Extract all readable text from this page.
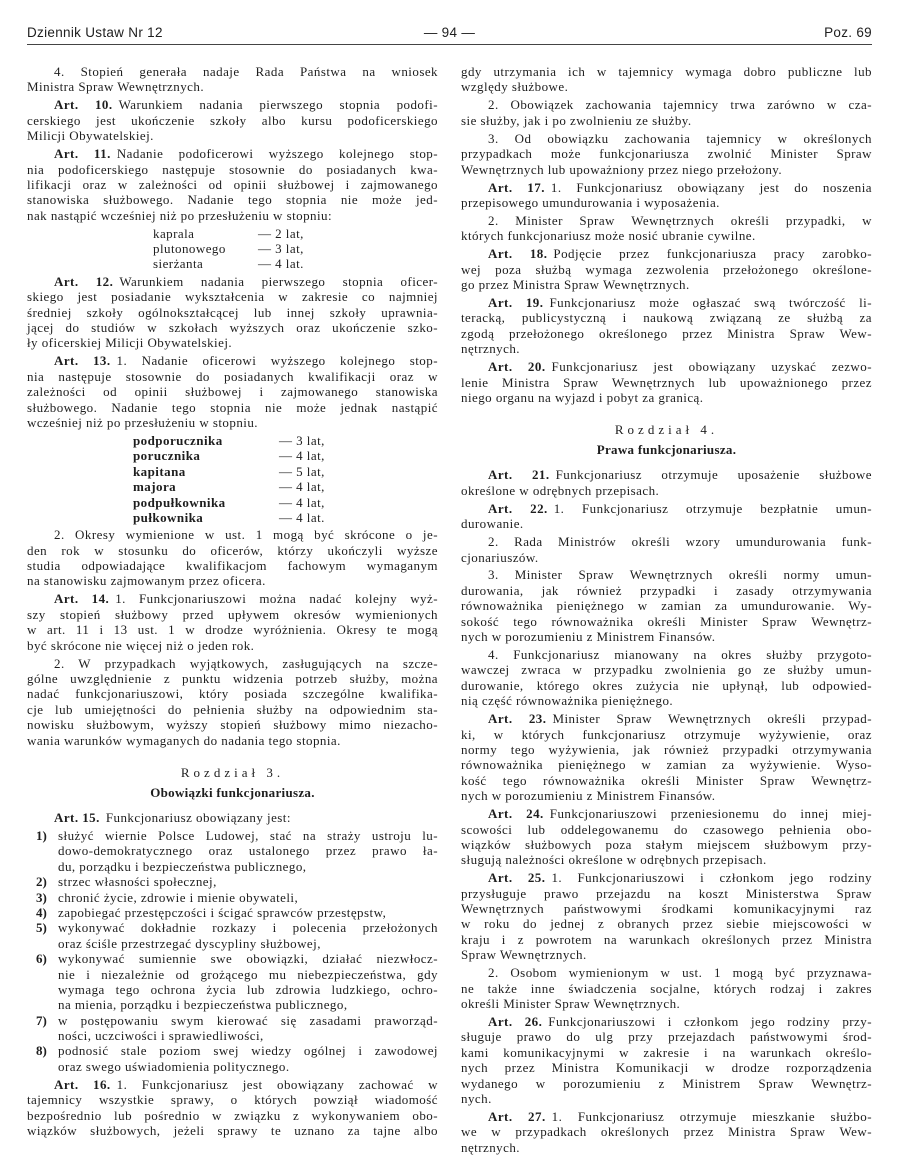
Dziennik Ustaw Nr 12	— 94 —	Poz. 69
4. Stopień generała nadaje Rada Państwa na wniosek
Ministra Spraw Wewnętrznych.
Art. 10. Warunkiem nadania pierwszego stopnia podofi-
cerskiego jest ukończenie szkoły albo kursu podoficerskiego
Milicji Obywatelskiej.
Art. 11. Nadanie podoficerowi wyższego kolejnego stop-
nia podoficerskiego następuje stosownie do posiadanych kwa-
lifikacji oraz w zależności od opinii służbowej i zajmowanego
stanowiska służbowego. Nadanie tego stopnia nie może jed-
nak nastąpić wcześniej niż po przesłużeniu w stopniu:
kaprala	— 2 lat,
plutonowego — 3 lat,
sierżanta	— 4 lat.
Art. 12. Warunkiem nadania pierwszego stopnia oficer-
skiego jest posiadanie wykształcenia w zakresie co najmniej
średniej szkoły ogólnokształcącej lub innej szkoły uprawnia-
jącej do studiów w szkołach wyższych oraz ukończenie szko-
ły oficerskiej Milicji Obywatelskiej.
Art. 13. 1. Nadanie oficerowi wyższego kolejnego stop-
nia następuje stosownie do posiadanych kwalifikacji oraz w
zależności od opinii służbowej i zajmowanego stanowiska
służbowego. Nadanie tego stopnia nie może jednak nastąpić
wcześniej niż po przesłużeniu w stopniu.
podporucznika	— 3 lat,
porucznika	— 4 lat,
kapitana	— 5 lat,
majora	— 4 lat,
podpułkownika	— 4 lat,
pułkownika	— 4 lat.
2. Okresy wymienione w ust. 1 mogą być skrócone o je-
den rok w stosunku do oficerów, którzy ukończyli wyższe
studia odpowiadające kwalifikacjom fachowym wymaganym
na stanowisku zajmowanym przez oficera.
Art. 14. 1. Funkcjonariuszowi można nadać kolejny wyż-
szy stopień służbowy przed upływem okresów wymienionych
w art. 11 i 13 ust. 1 w drodze wyróżnienia. Okresy te mogą
być skrócone nie więcej niż o jeden rok.
2. W przypadkach wyjątkowych, zasługujących na szcze-
gólne uwzględnienie z punktu widzenia potrzeb służby, można
nadać funkcjonariuszowi, który posiada szczególne kwalifika-
cje lub umiejętności do pełnienia służby na odpowiednim sta-
nowisku służbowym, wyższy stopień służbowy mimo niezacho-
wania warunków wymaganych do nadania tego stopnia.
Rozdział 3.
Obowiązki funkcjonariusza.
Art. 15. Funkcjonariusz obowiązany jest:
1) służyć wiernie Polsce Ludowej, stać na straży ustroju lu-
dowo-demokratycznego oraz ustalonego przez prawo ła-
du, porządku i bezpieczeństwa publicznego,
2) strzec własności społecznej,
3) chronić życie, zdrowie i mienie obywateli,
4) zapobiegać przestępczości i ścigać sprawców przestępstw,
5) wykonywać dokładnie rozkazy i polecenia przełożonych
oraz ściśle przestrzegać dyscypliny służbowej,
6) wykonywać sumiennie swe obowiązki, działać niezwłocz-
nie i niezależnie od grożącego mu niebezpieczeństwa, gdy
wymaga tego ochrona życia lub zdrowia ludzkiego, ochro-
na mienia, porządku i bezpieczeństwa publicznego,
7) w postępowaniu swym kierować się zasadami praworząd-
ności, uczciwości i sprawiedliwości,
8) podnosić stale poziom swej wiedzy ogólnej i zawodowej
oraz swego uświadomienia politycznego.
Art. 16. 1. Funkcjonariusz jest obowiązany zachować w
tajemnicy wszystkie sprawy, o których powziął wiadomość
bezpośrednio lub pośrednio w związku z wykonywaniem obo-
wiązków służbowych, jeżeli sprawy te uznano za tajne albo
gdy utrzymania ich w tajemnicy wymaga dobro publiczne lub
względy służbowe.
2. Obowiązek zachowania tajemnicy trwa zarówno w cza-
sie służby, jak i po zwolnieniu ze służby.
3. Od obowiązku zachowania tajemnicy w określonych
przypadkach może funkcjonariusza zwolnić Minister Spraw
Wewnętrznych lub upoważniony przez niego przełożony.
Art. 17. 1. Funkcjonariusz obowiązany jest do noszenia
przepisowego umundurowania i wyposażenia.
2. Minister Spraw Wewnętrznych określi przypadki, w
których funkcjonariusz może nosić ubranie cywilne.
Art. 18. Podjęcie przez funkcjonariusza pracy zarobko-
wej poza służbą wymaga zezwolenia przełożonego określone-
go przez Ministra Spraw Wewnętrznych.
Art. 19. Funkcjonariusz może ogłaszać swą twórczość li-
teracką, publicystyczną i naukową związaną ze służbą za
zgodą przełożonego określonego przez Ministra Spraw Wew-
nętrznych.
Art. 20. Funkcjonariusz jest obowiązany uzyskać zezwo-
lenie Ministra Spraw Wewnętrznych lub upoważnionego przez
niego organu na wyjazd i pobyt za granicą.
Rozdział 4.
Prawa funkcjonariusza.
Art. 21. Funkcjonariusz otrzymuje uposażenie służbowe
określone w odrębnych przepisach.
Art. 22. 1. Funkcjonariusz otrzymuje bezpłatnie umun-
durowanie.
2. Rada Ministrów określi wzory umundurowania funk-
cjonariuszów.
3. Minister Spraw Wewnętrznych określi normy umun-
durowania, jak również przypadki i zasady otrzymywania
równoważnika pieniężnego w zamian za umundurowanie. Wy-
sokość tego równoważnika określi Minister Spraw Wewnętrz-
nych w porozumieniu z Ministrem Finansów.
4. Funkcjonariusz mianowany na okres służby przygoto-
wawczej zwraca w przypadku zwolnienia go ze służby umun-
durowanie, którego okres zużycia nie upłynął, lub odpowied-
nią część równoważnika pieniężnego.
Art. 23. Minister Spraw Wewnętrznych określi przypad-
ki, w których funkcjonariusz otrzymuje wyżywienie, oraz
normy tego wyżywienia, jak również przypadki otrzymywania
równoważnika pieniężnego w zamian za wyżywienie. Wyso-
kość tego równoważnika określi Minister Spraw Wewnętrz-
nych w porozumieniu z Ministrem Finansów.
Art. 24. Funkcjonariuszowi przeniesionemu do innej miej-
scowości lub oddelegowanemu do czasowego pełnienia obo-
wiązków służbowych poza stałym miejscem służbowym przy-
sługują należności określone w odrębnych przepisach.
Art. 25. 1. Funkcjonariuszowi i członkom jego rodziny
przysługuje prawo przejazdu na koszt Ministerstwa Spraw
Wewnętrznych państwowymi środkami komunikacyjnymi raz
w roku do jednej z obranych przez siebie miejscowości w
kraju i z powrotem na warunkach określonych przez Ministra
Spraw Wewnętrznych.
2. Osobom wymienionym w ust. 1 mogą być przyznawa-
ne także inne świadczenia socjalne, których rodzaj i zakres
określi Minister Spraw Wewnętrznych.
Art. 26. Funkcjonariuszowi i członkom jego rodziny przy-
sługuje prawo do ulg przy przejazdach państwowymi środ-
kami komunikacyjnymi w zakresie i na warunkach określo-
nych przez Ministra Komunikacji w drodze rozporządzenia
wydanego w porozumieniu z Ministrem Spraw Wewnętrz-
nych.
Art. 27. 1. Funkcjonariusz otrzymuje mieszkanie służbo-
we w przypadkach określonych przez Ministra Spraw Wew-
nętrznych.
